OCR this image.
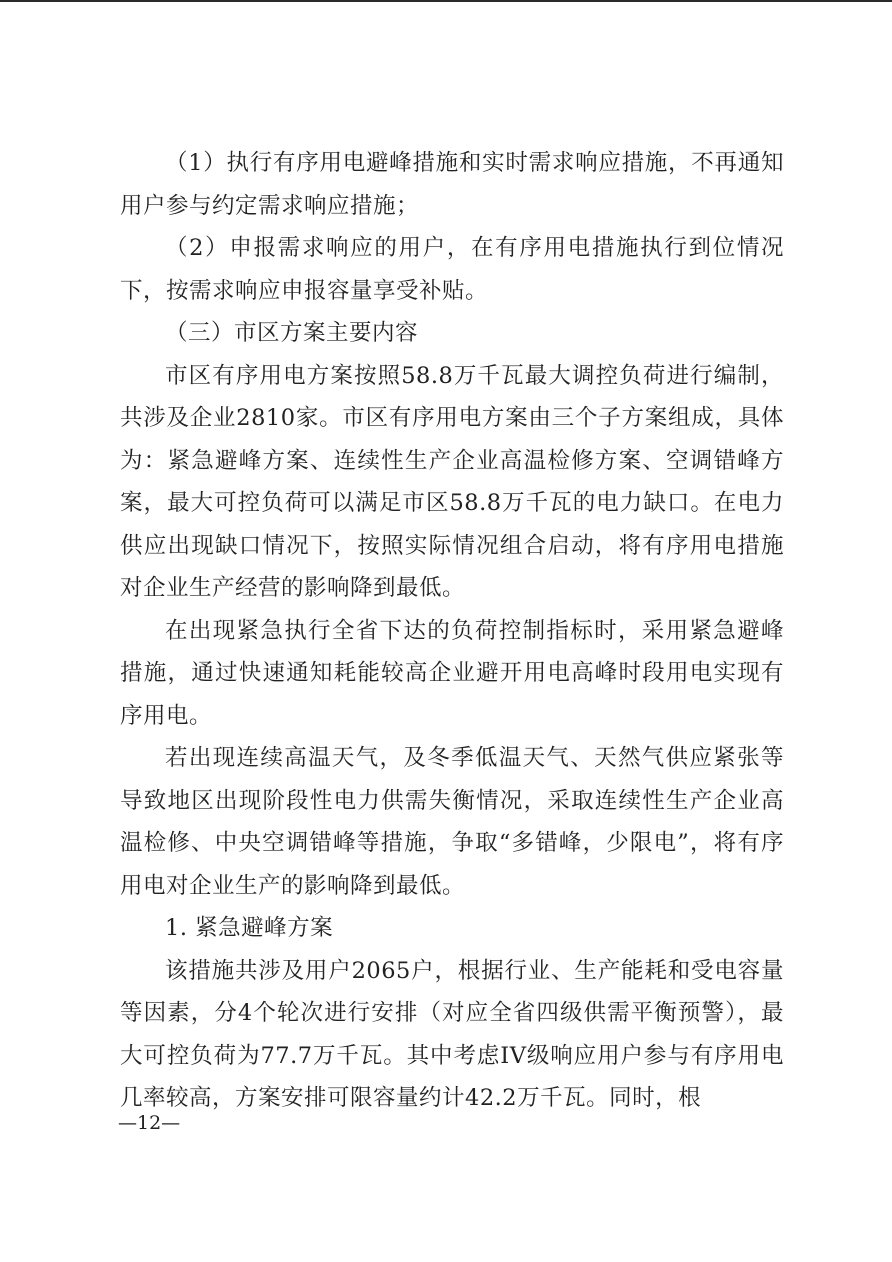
（1）执行有序用电避峰措施和实时需求响应措施，不再通知用户参与约定需求响应措施；

（2）申报需求响应的用户，在有序用电措施执行到位情况下，按需求响应申报容量享受补贴。

（三）市区方案主要内容

市区有序用电方案按照58.8万千瓦最大调控负荷进行编制，共涉及企业2810家。市区有序用电方案由三个子方案组成，具体为：紧急避峰方案、连续性生产企业高温检修方案、空调错峰方案，最大可控负荷可以满足市区58.8万千瓦的电力缺口。在电力供应出现缺口情况下，按照实际情况组合启动，将有序用电措施对企业生产经营的影响降到最低。

在出现紧急执行全省下达的负荷控制指标时，采用紧急避峰措施，通过快速通知耗能较高企业避开用电高峰时段用电实现有序用电。

若出现连续高温天气，及冬季低温天气、天然气供应紧张等导致地区出现阶段性电力供需失衡情况，采取连续性生产企业高温检修、中央空调错峰等措施，争取“多错峰，少限电”，将有序用电对企业生产的影响降到最低。

1. 紧急避峰方案

该措施共涉及用户2065户，根据行业、生产能耗和受电容量等因素，分4个轮次进行安排（对应全省四级供需平衡预警），最大可控负荷为77.7万千瓦。其中考虑IV级响应用户参与有序用电几率较高，方案安排可限容量约计42.2万千瓦。同时，根

—12—
